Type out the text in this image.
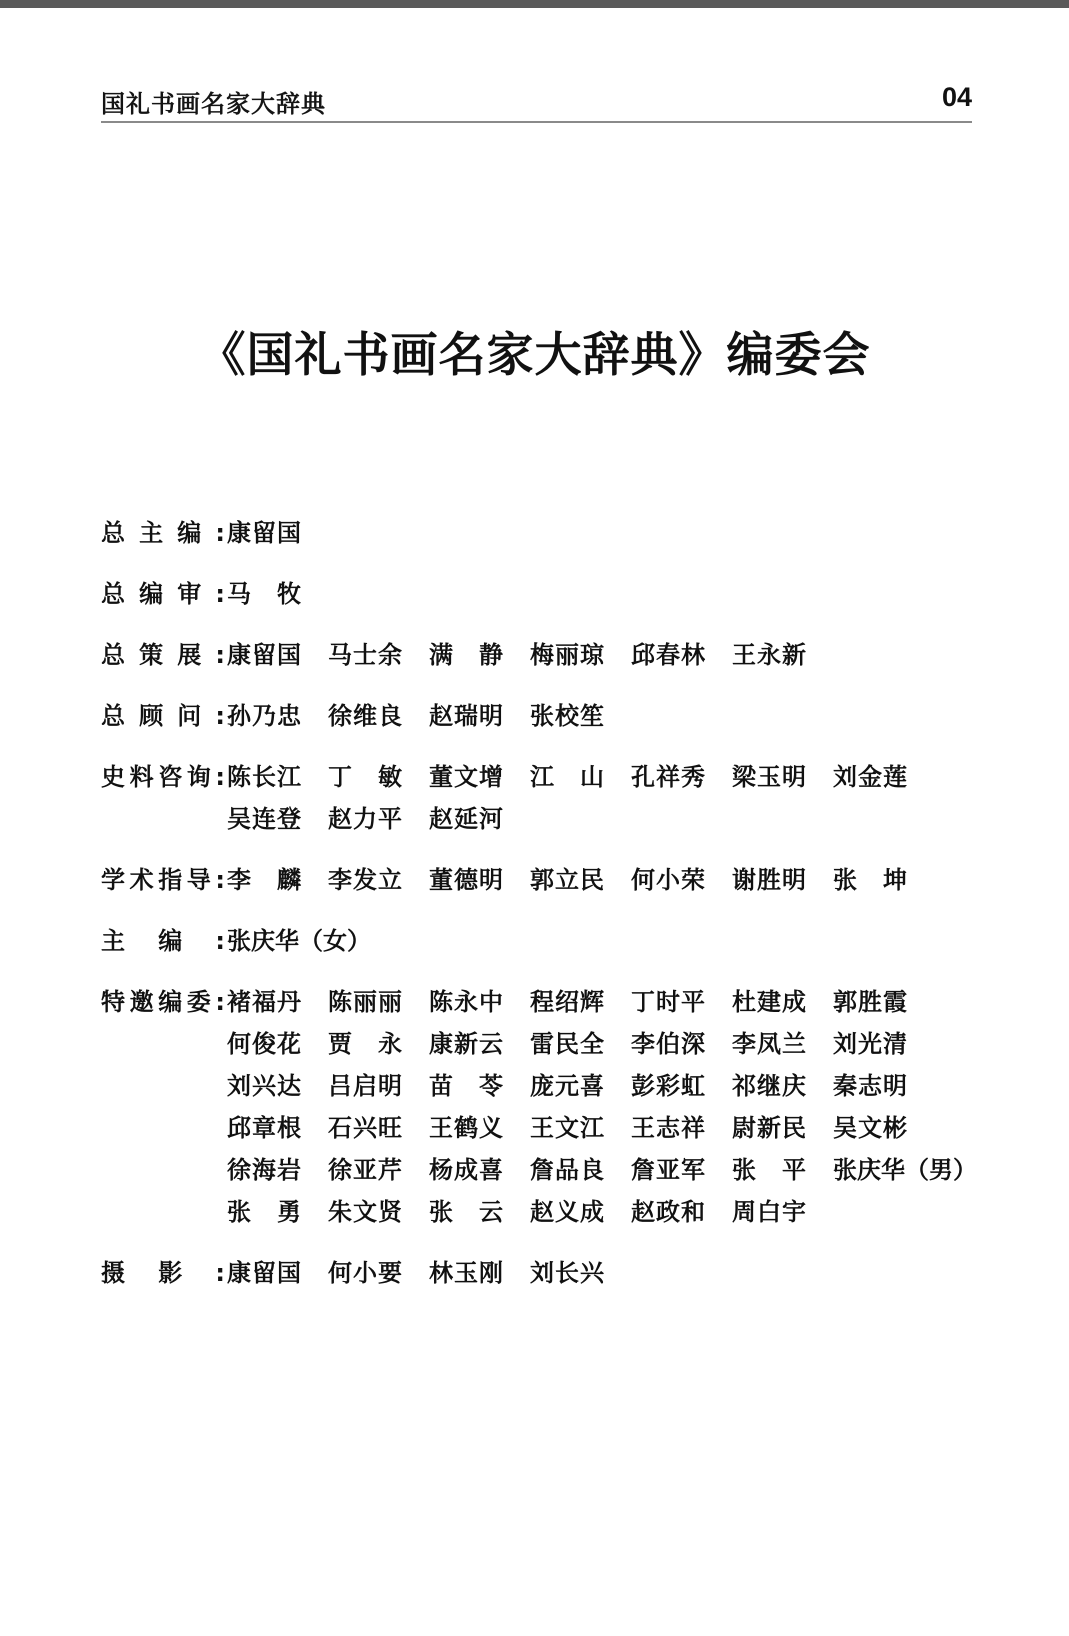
国礼书画名家大辞典	04
《国礼书画名家大辞典》编委会
总主编: 康留国
总编审: 马 牧
总策展: 康留国 马士余 满 静 梅丽琼 邱春林 王永新
总顾问: 孙乃忠 徐维良 赵瑞明 张校笙
史料咨询: 陈长江 丁 敏 董文增 江 山 孔祥秀 梁玉明 刘金莲
吴连登 赵力平 赵延河
学术指导: 李 麟 李发立 董德明 郭立民 何小荣 谢胜明 张 坤
主编: 张庆华（女）
特邀编委: 褚福丹 陈丽丽 陈永中 程绍辉 丁时平 杜建成 郭胜霞
何俊花 贾 永 康新云 雷民全 李伯深 李凤兰 刘光清
刘兴达 吕启明 苗 苓 庞元喜 彭彩虹 祁继庆 秦志明
邱章根 石兴旺 王鹤义 王文江 王志祥 尉新民 吴文彬
徐海岩 徐亚芹 杨成喜 詹品良 詹亚军 张 平 张庆华（男）
张 勇 朱文贤 张 云 赵义成 赵政和 周白宇
摄影: 康留国 何小要 林玉刚 刘长兴
